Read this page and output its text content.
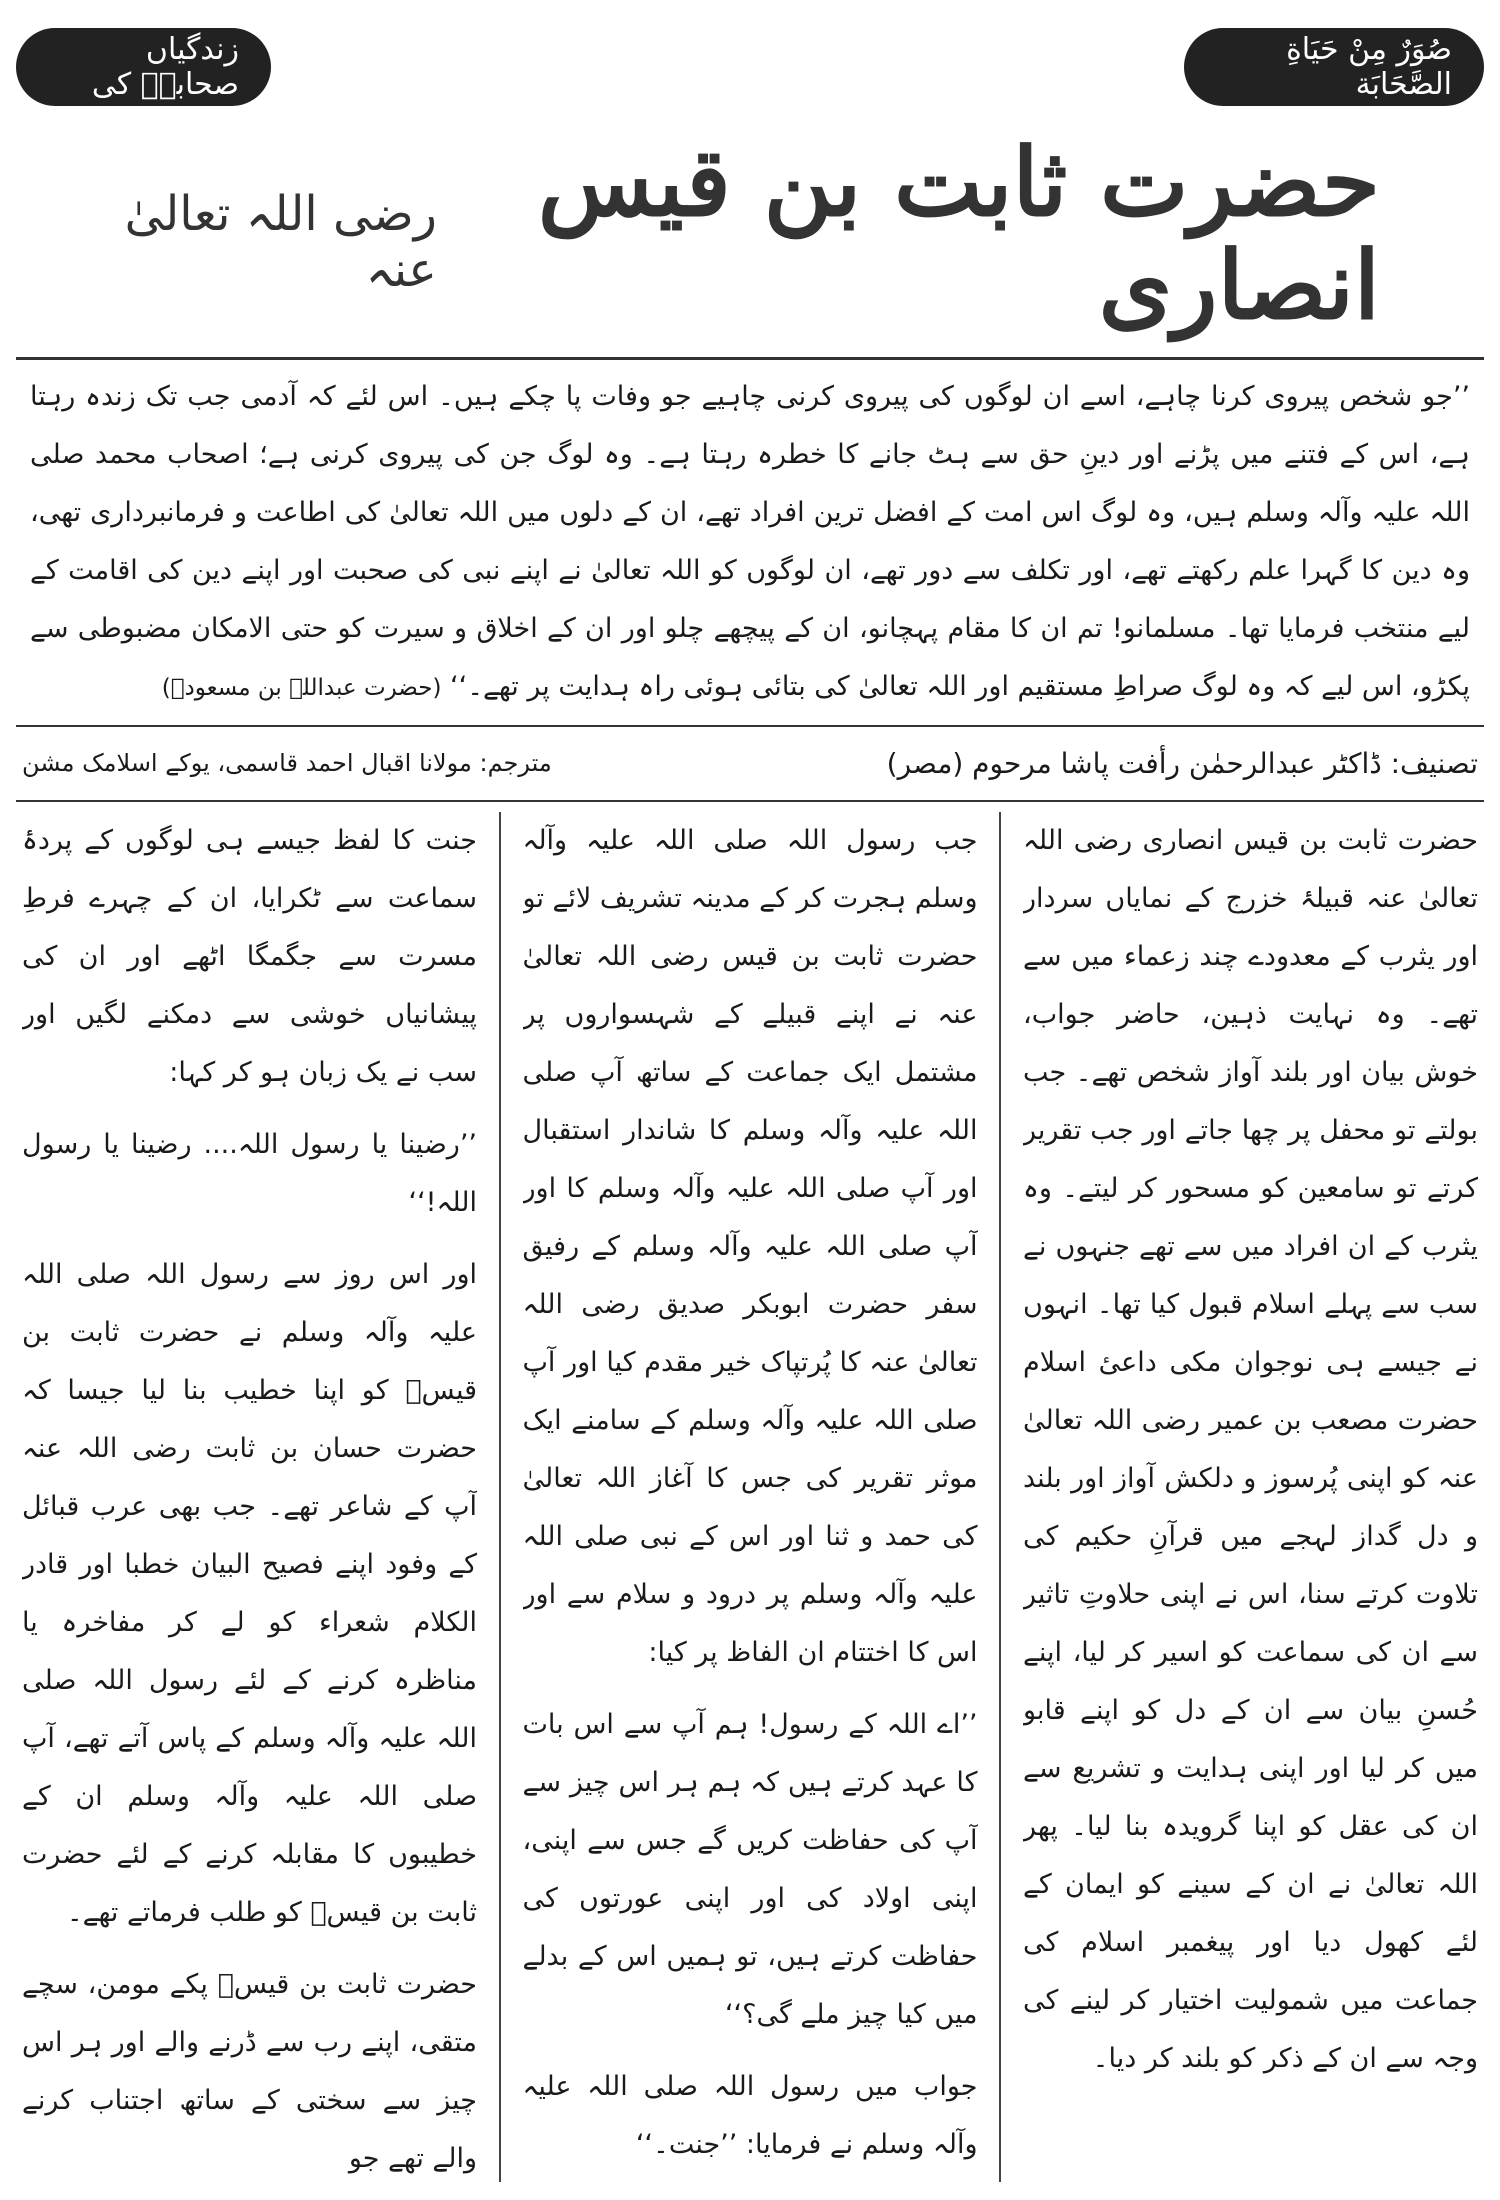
صُوَرٌ مِنْ حَيَاةِ الصَّحَابَة
زندگیاں صحابہؓ کی
حضرت ثابت بن قیس انصاری
رضی اللہ تعالیٰ عنہ
’’جو شخص پیروی کرنا چاہے، اسے ان لوگوں کی پیروی کرنی چاہیے جو وفات پا چکے ہیں۔ اس لئے کہ آدمی جب تک زندہ رہتا ہے، اس کے فتنے میں پڑنے اور دینِ حق سے ہٹ جانے کا خطرہ رہتا ہے۔ وہ لوگ جن کی پیروی کرنی ہے؛ اصحاب محمد صلی اللہ علیہ وآلہ وسلم ہیں، وہ لوگ اس امت کے افضل ترین افراد تھے، ان کے دلوں میں اللہ تعالیٰ کی اطاعت و فرمانبرداری تھی، وہ دین کا گہرا علم رکھتے تھے، اور تکلف سے دور تھے، ان لوگوں کو اللہ تعالیٰ نے اپنے نبی کی صحبت اور اپنے دین کی اقامت کے لیے منتخب فرمایا تھا۔ مسلمانو! تم ان کا مقام پہچانو، ان کے پیچھے چلو اور ان کے اخلاق و سیرت کو حتی الامکان مضبوطی سے پکڑو، اس لیے کہ وہ لوگ صراطِ مستقیم اور اللہ تعالیٰ کی بتائی ہوئی راہ ہدایت پر تھے۔‘‘ (حضرت عبداللہ بن مسعودؓ)
تصنیف: ڈاکٹر عبدالرحمٰن رأفت پاشا مرحوم (مصر)
مترجم: مولانا اقبال احمد قاسمی، یوکے اسلامک مشن

حضرت ثابت بن قیس انصاری رضی اللہ تعالیٰ عنہ قبیلۂ خزرج کے نمایاں سردار اور یثرب کے معدودے چند زعماء میں سے تھے۔ وہ نہایت ذہین، حاضر جواب، خوش بیان اور بلند آواز شخص تھے۔ جب بولتے تو محفل پر چھا جاتے اور جب تقریر کرتے تو سامعین کو مسحور کر لیتے۔ وہ یثرب کے ان افراد میں سے تھے جنہوں نے سب سے پہلے اسلام قبول کیا تھا۔ انہوں نے جیسے ہی نوجوان مکی داعیٔ اسلام حضرت مصعب بن عمیر رضی اللہ تعالیٰ عنہ کو اپنی پُرسوز و دلکش آواز اور بلند و دل گداز لہجے میں قرآنِ حکیم کی تلاوت کرتے سنا، اس نے اپنی حلاوتِ تاثیر سے ان کی سماعت کو اسیر کر لیا، اپنے حُسنِ بیان سے ان کے دل کو اپنے قابو میں کر لیا اور اپنی ہدایت و تشریع سے ان کی عقل کو اپنا گرویدہ بنا لیا۔ پھر اللہ تعالیٰ نے ان کے سینے کو ایمان کے لئے کھول دیا اور پیغمبر اسلام کی جماعت میں شمولیت اختیار کر لینے کی وجہ سے ان کے ذکر کو بلند کر دیا۔

جب رسول اللہ صلی اللہ علیہ وآلہ وسلم ہجرت کر کے مدینہ تشریف لائے تو حضرت ثابت بن قیس رضی اللہ تعالیٰ عنہ نے اپنے قبیلے کے شہسواروں پر مشتمل ایک جماعت کے ساتھ آپ صلی اللہ علیہ وآلہ وسلم کا شاندار استقبال اور آپ صلی اللہ علیہ وآلہ وسلم کا اور آپ صلی اللہ علیہ وآلہ وسلم کے رفیق سفر حضرت ابوبکر صدیق رضی اللہ تعالیٰ عنہ کا پُرتپاک خیر مقدم کیا اور آپ صلی اللہ علیہ وآلہ وسلم کے سامنے ایک موثر تقریر کی جس کا آغاز اللہ تعالیٰ کی حمد و ثنا اور اس کے نبی صلی اللہ علیہ وآلہ وسلم پر درود و سلام سے اور اس کا اختتام ان الفاظ پر کیا:

’’اے اللہ کے رسول! ہم آپ سے اس بات کا عہد کرتے ہیں کہ ہم ہر اس چیز سے آپ کی حفاظت کریں گے جس سے اپنی، اپنی اولاد کی اور اپنی عورتوں کی حفاظت کرتے ہیں، تو ہمیں اس کے بدلے میں کیا چیز ملے گی؟‘‘

جواب میں رسول اللہ صلی اللہ علیہ وآلہ وسلم نے فرمایا: ’’جنت۔‘‘

جنت کا لفظ جیسے ہی لوگوں کے پردۂ سماعت سے ٹکرایا، ان کے چہرے فرطِ مسرت سے جگمگا اٹھے اور ان کی پیشانیاں خوشی سے دمکنے لگیں اور سب نے یک زبان ہو کر کہا:

’’رضینا یا رسول اللہ.... رضینا یا رسول اللہ!‘‘

اور اس روز سے رسول اللہ صلی اللہ علیہ وآلہ وسلم نے حضرت ثابت بن قیسؓ کو اپنا خطیب بنا لیا جیسا کہ حضرت حسان بن ثابت رضی اللہ عنہ آپ کے شاعر تھے۔ جب بھی عرب قبائل کے وفود اپنے فصیح البیان خطبا اور قادر الکلام شعراء کو لے کر مفاخرہ یا مناظرہ کرنے کے لئے رسول اللہ صلی اللہ علیہ وآلہ وسلم کے پاس آتے تھے، آپ صلی اللہ علیہ وآلہ وسلم ان کے خطیبوں کا مقابلہ کرنے کے لئے حضرت ثابت بن قیسؓ کو طلب فرماتے تھے۔

حضرت ثابت بن قیسؓ پکے مومن، سچے متقی، اپنے رب سے ڈرنے والے اور ہر اس چیز سے سختی کے ساتھ اجتناب کرنے والے تھے جو
